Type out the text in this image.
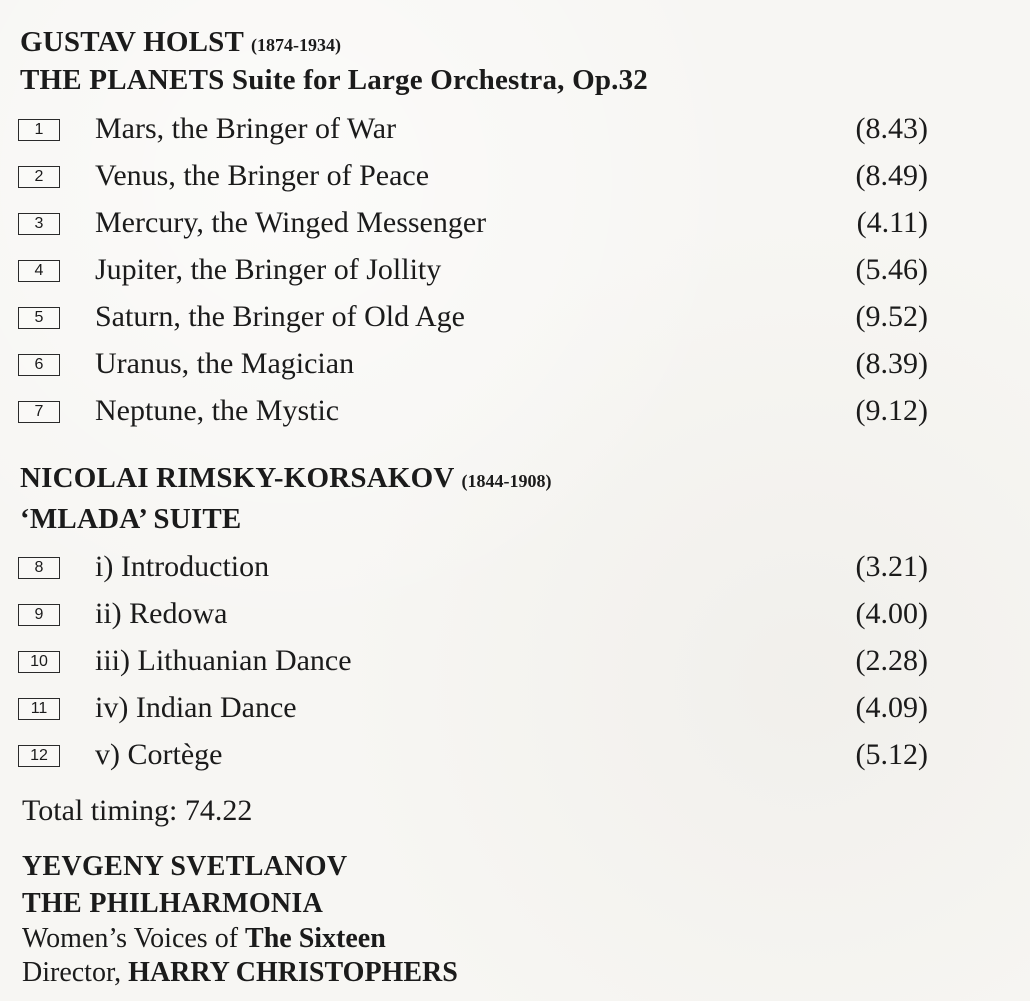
GUSTAV HOLST (1874-1934)
THE PLANETS Suite for Large Orchestra, Op.32
1	Mars, the Bringer of War	(8.43)
2	Venus, the Bringer of Peace	(8.49)
3	Mercury, the Winged Messenger	(4.11)
4	Jupiter, the Bringer of Jollity	(5.46)
5	Saturn, the Bringer of Old Age	(9.52)
6	Uranus, the Magician	(8.39)
7	Neptune, the Mystic	(9.12)
NICOLAI RIMSKY-KORSAKOV (1844-1908)
‘MLADA’ SUITE
8	i) Introduction	(3.21)
9	ii) Redowa	(4.00)
10	iii) Lithuanian Dance	(2.28)
11	iv) Indian Dance	(4.09)
12	v) Cortège	(5.12)
Total timing: 74.22
YEVGENY SVETLANOV
THE PHILHARMONIA
Women’s Voices of The Sixteen
Director, HARRY CHRISTOPHERS
